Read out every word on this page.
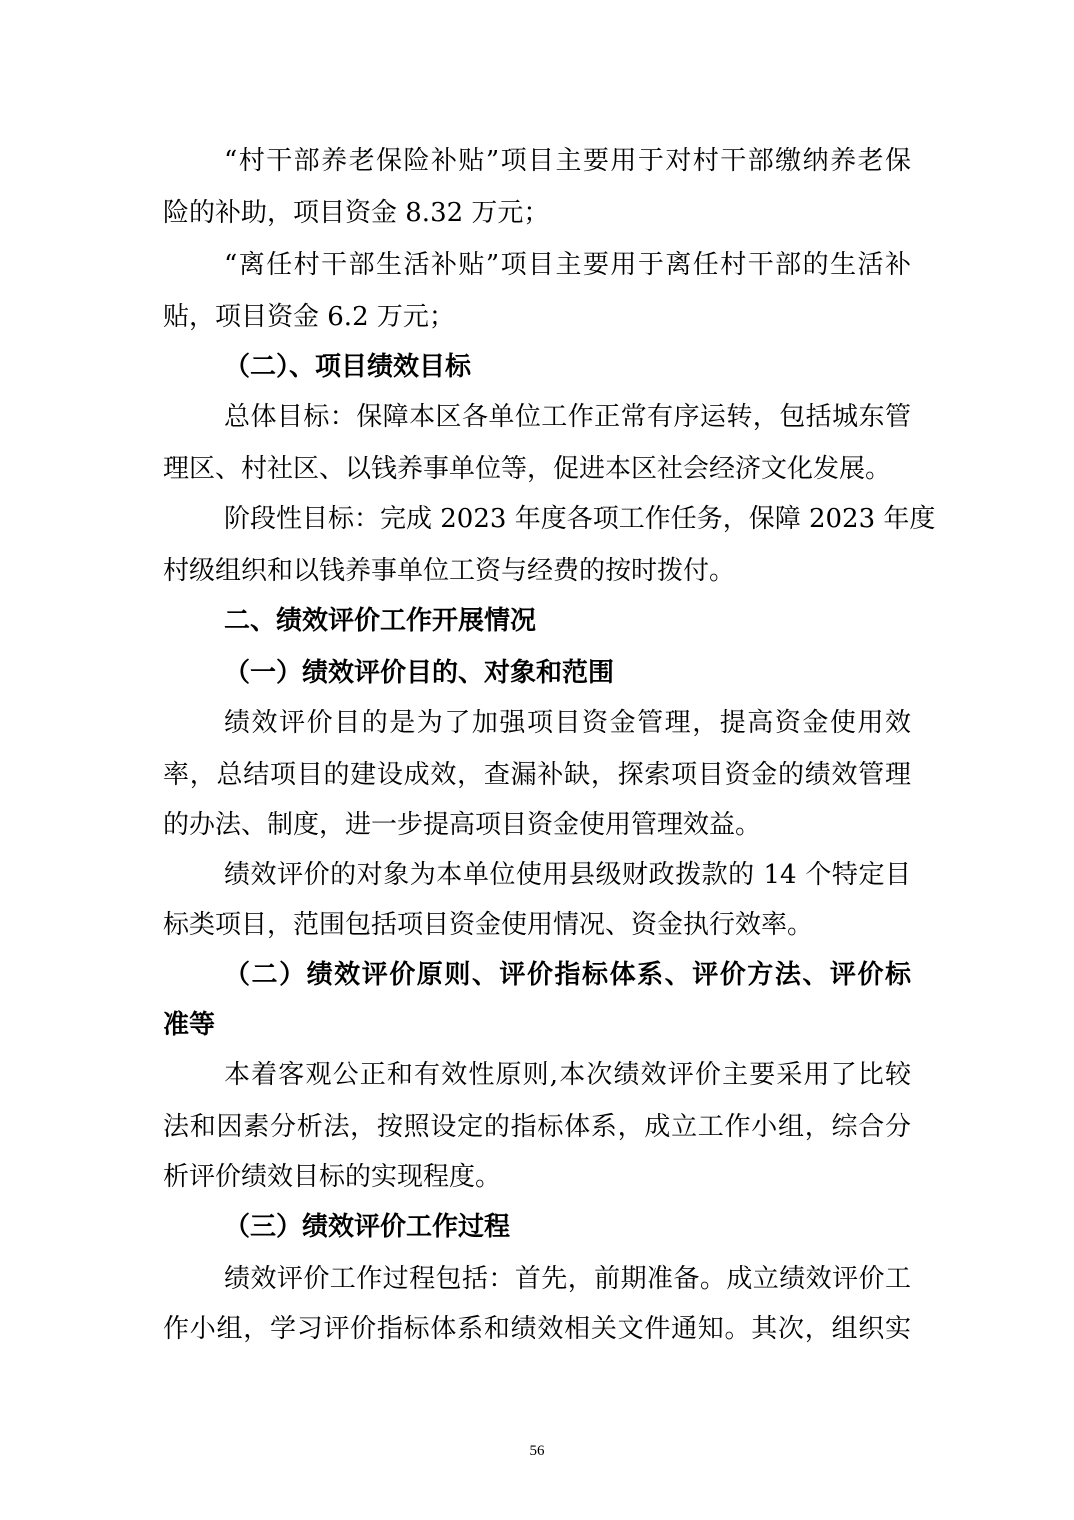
“村干部养老保险补贴”项目主要用于对村干部缴纳养老保

险的补助，项目资金 8.32 万元；

“离任村干部生活补贴”项目主要用于离任村干部的生活补

贴，项目资金 6.2 万元；

（二）、项目绩效目标

总体目标：保障本区各单位工作正常有序运转，包括城东管

理区、村社区、以钱养事单位等，促进本区社会经济文化发展。

阶段性目标：完成 2023 年度各项工作任务，保障 2023 年度

村级组织和以钱养事单位工资与经费的按时拨付。

二、绩效评价工作开展情况

（一）绩效评价目的、对象和范围

绩效评价目的是为了加强项目资金管理，提高资金使用效

率，总结项目的建设成效，查漏补缺，探索项目资金的绩效管理

的办法、制度，进一步提高项目资金使用管理效益。

绩效评价的对象为本单位使用县级财政拨款的 14 个特定目

标类项目，范围包括项目资金使用情况、资金执行效率。

（二）绩效评价原则、评价指标体系、评价方法、评价标

准等

本着客观公正和有效性原则,本次绩效评价主要采用了比较

法和因素分析法，按照设定的指标体系，成立工作小组，综合分

析评价绩效目标的实现程度。

（三）绩效评价工作过程

绩效评价工作过程包括：首先，前期准备。成立绩效评价工

作小组，学习评价指标体系和绩效相关文件通知。其次，组织实

56
